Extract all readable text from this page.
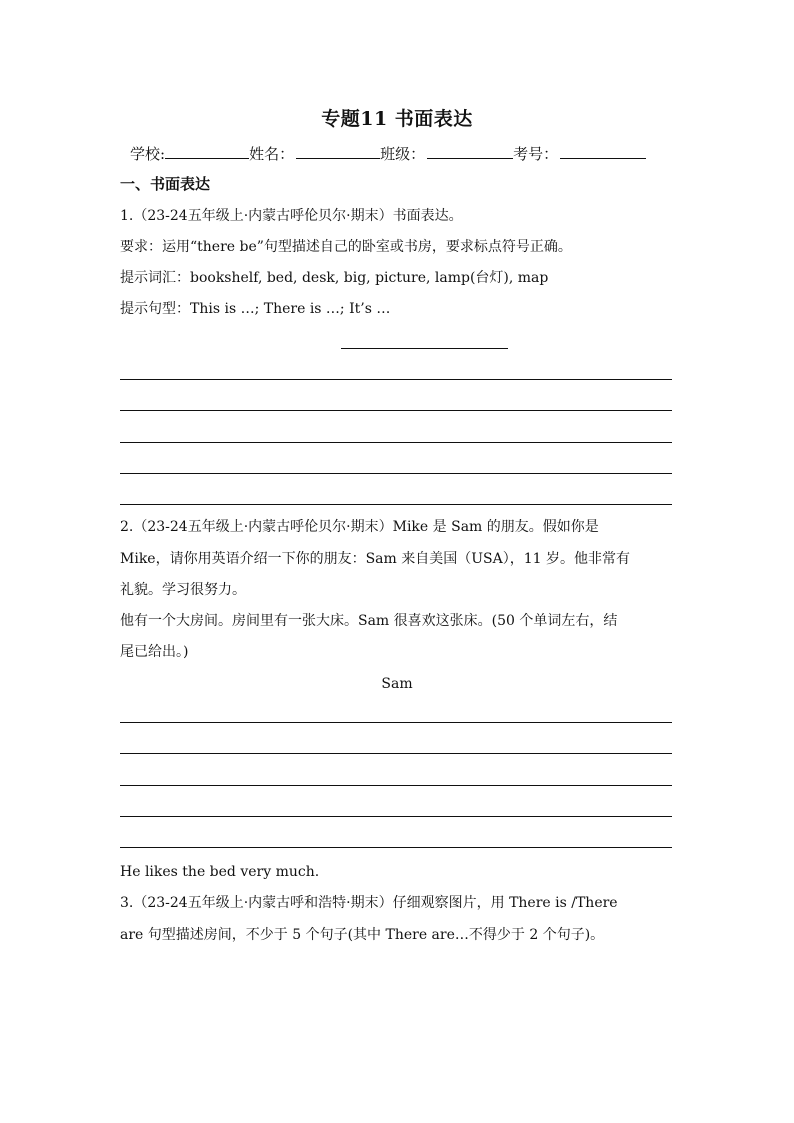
专题11 书面表达
学校:	姓名：	班级：	考号：
一、书面表达
1.（23-24五年级上·内蒙古呼伦贝尔·期末）书面表达。
要求：运用“there be”句型描述自己的卧室或书房，要求标点符号正确。
提示词汇：bookshelf, bed, desk, big, picture, lamp(台灯), map
提示句型：This is …; There is …; It’s …
2.（23-24五年级上·内蒙古呼伦贝尔·期末）Mike 是 Sam 的朋友。假如你是
Mike，请你用英语介绍一下你的朋友：Sam 来自美国（USA），11 岁。他非常有
礼貌。学习很努力。
他有一个大房间。房间里有一张大床。Sam 很喜欢这张床。(50 个单词左右，结
尾已给出。)
Sam
He likes the bed very much.
3.（23-24五年级上·内蒙古呼和浩特·期末）仔细观察图片，用 There is /There
are 句型描述房间，不少于 5 个句子(其中 There are…不得少于 2 个句子)。
